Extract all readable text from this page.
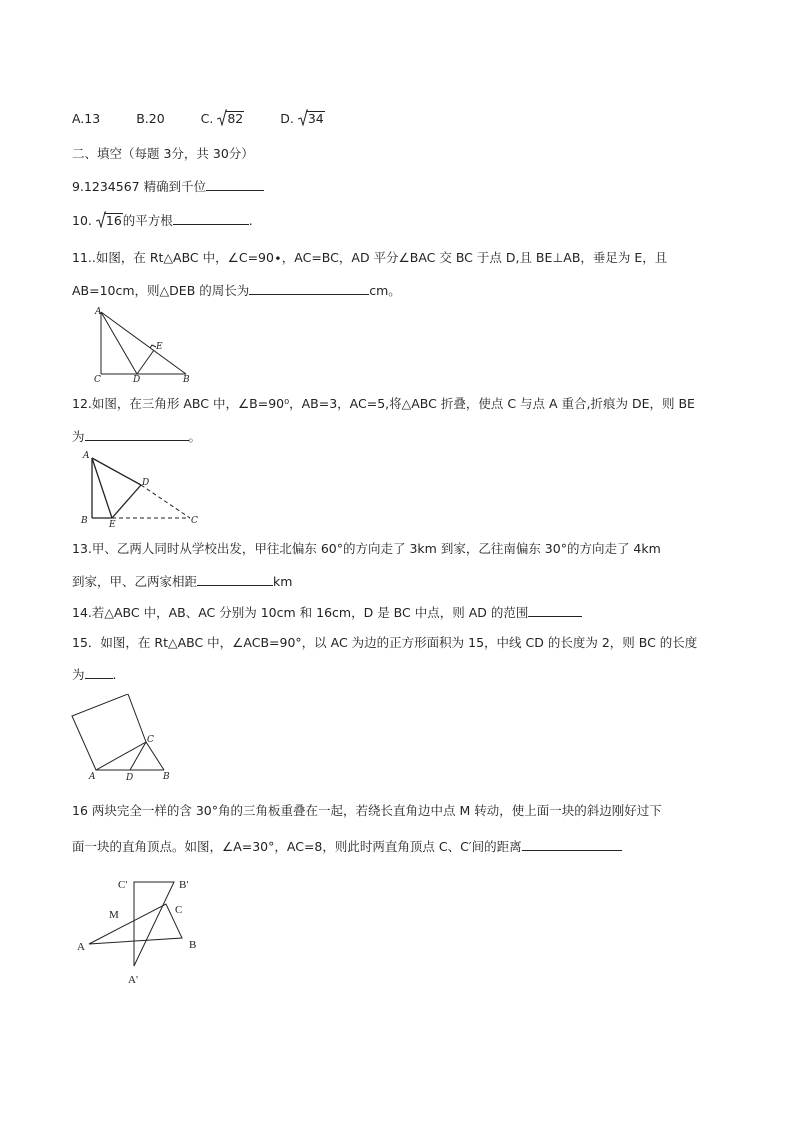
A.13	B.20	C. 82	D. 34
二、填空（每题 3分，共 30分）
9.1234567 精确到千位
10. 16的平方根	.
11..如图，在 Rt△ABC 中，∠C=90∙，AC=BC，AD 平分∠BAC 交 BC 于点 D,且 BE⊥AB，垂足为 E，且
AB=10cm，则△DEB 的周长为	cm。
A
C	D	B
E
12.如图，在三角形 ABC 中，∠B=90⁰，AB=3，AC=5,将△ABC 折叠，使点 C 与点 A 重合,折痕为 DE，则 BE
为	。
A
B E
D
C
13.甲、乙两人同时从学校出发，甲往北偏东 60°的方向走了 3km 到家，乙往南偏东 30°的方向走了 4km
到家，甲、乙两家相距	km
14.若△ABC 中，AB、AC 分别为 10cm 和 16cm，D 是 BC 中点，则 AD 的范围
15．如图，在 Rt△ABC 中，∠ACB=90°，以 AC 为边的正方形面积为 15，中线 CD 的长度为 2，则 BC 的长度
为 .
A	D	B
C
16 两块完全一样的含 30°角的三角板重叠在一起，若绕长直角边中点 M 转动，使上面一块的斜边刚好过下
面一块的直角顶点。如图，∠A=30°，AC=8，则此时两直角顶点 C、C′间的距离
C'	B'
M	C
A	B
A'
